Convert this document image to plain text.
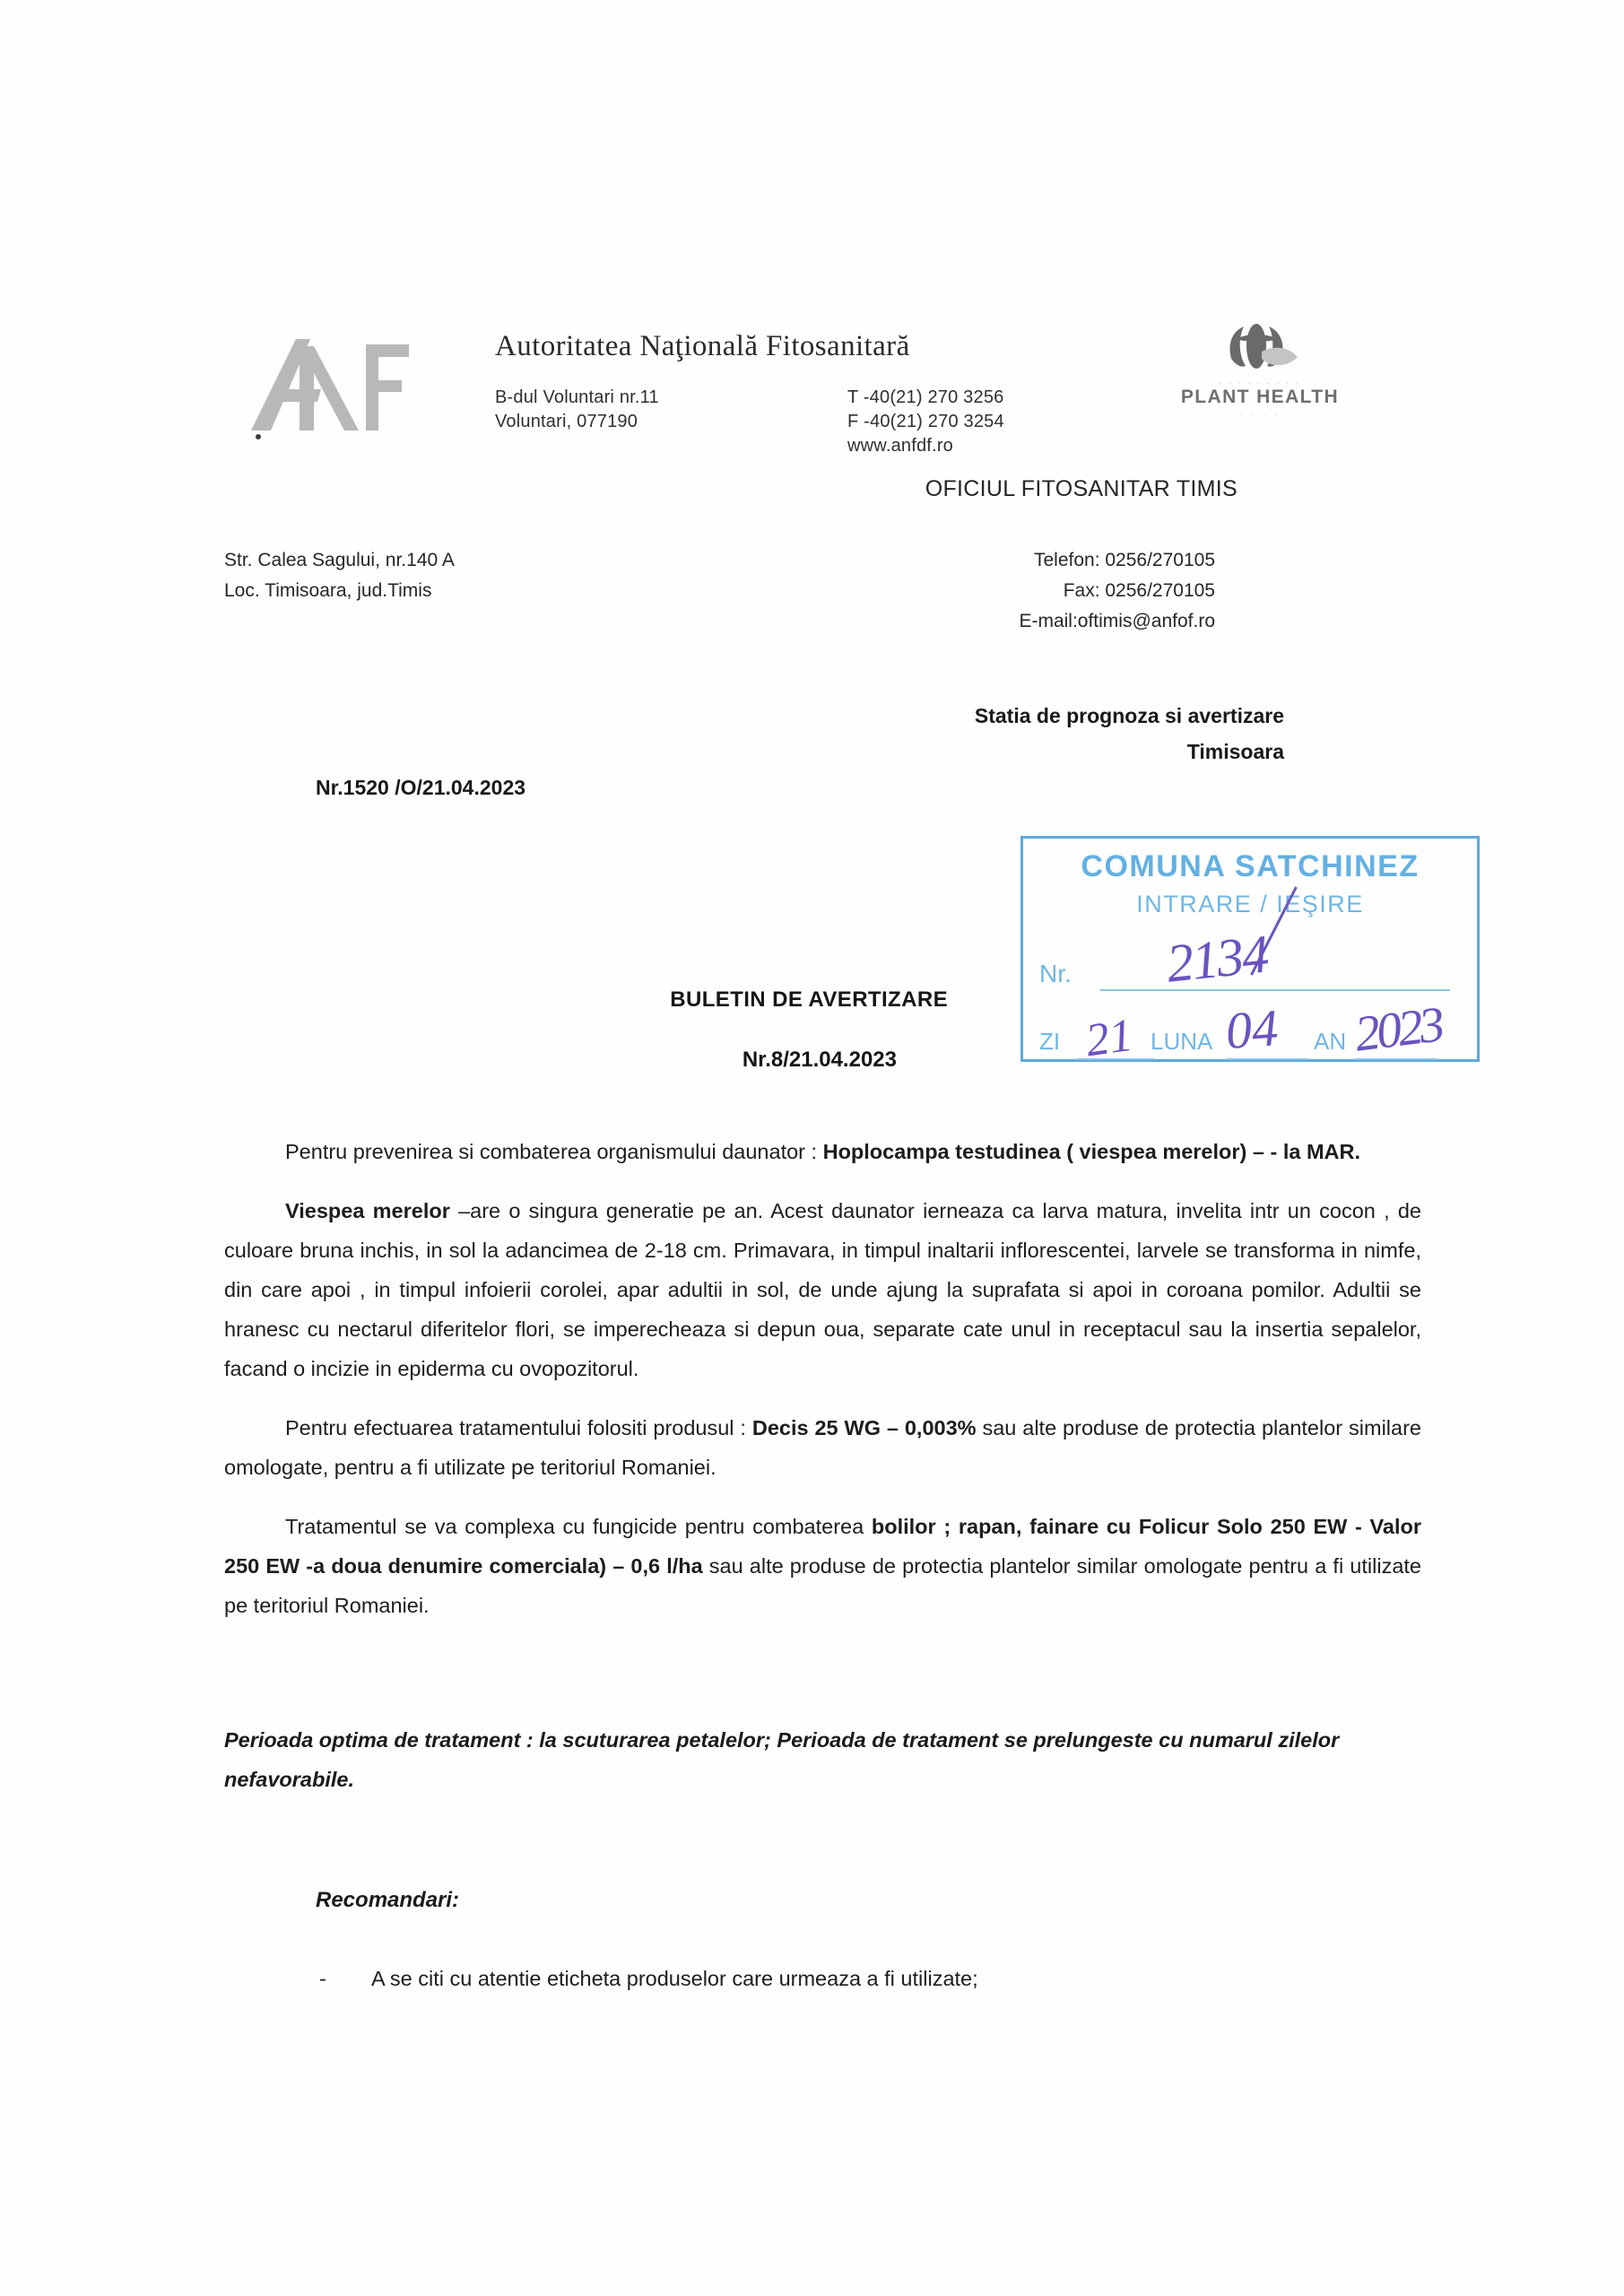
Autoritatea Naţională Fitosanitară
B-dul Voluntari nr.11
Voluntari, 077190
T -40(21) 270 3256
F -40(21) 270 3254
www.anfdf.ro
· · · · · · · · ·
PLANT HEALTH
· · · ·
OFICIUL FITOSANITAR TIMIS
Str. Calea Sagului, nr.140 A
Loc. Timisoara, jud.Timis
Telefon: 0256/270105
Fax: 0256/270105
E-mail:oftimis@anfof.ro
Statia de prognoza si avertizare
Timisoara
Nr.1520 /O/21.04.2023
COMUNA SATCHINEZ
INTRARE / IEŞIRE
Nr. 2134
ZI	LUNA	AN
21 04 2023
BULETIN DE AVERTIZARE
Nr.8/21.04.2023

Pentru prevenirea si combaterea organismului daunator : Hoplocampa testudinea ( viespea merelor) – - la MAR.

Viespea merelor –are o singura generatie pe an. Acest daunator ierneaza ca larva matura, invelita intr un cocon , de culoare bruna inchis, in sol la adancimea de 2-18 cm. Primavara, in timpul inaltarii inflorescentei, larvele se transforma in nimfe, din care apoi , in timpul infoierii corolei, apar adultii in sol, de unde ajung la suprafata si apoi in coroana pomilor. Adultii se hranesc cu nectarul diferitelor flori, se imperecheaza si depun oua, separate cate unul in receptacul sau la insertia sepalelor, facand o incizie in epiderma cu ovopozitorul.

Pentru efectuarea tratamentului folositi produsul : Decis 25 WG – 0,003% sau alte produse de protectia plantelor similare omologate, pentru a fi utilizate pe teritoriul Romaniei.

Tratamentul se va complexa cu fungicide pentru combaterea bolilor ; rapan, fainare cu Folicur Solo 250 EW - Valor 250 EW -a doua denumire comerciala) – 0,6 l/ha sau alte produse de protectia plantelor similar omologate pentru a fi utilizate pe teritoriul Romaniei.

Perioada optima de tratament : la scuturarea petalelor; Perioada de tratament se prelungeste cu numarul zilelor nefavorabile.
Recomandari:
- A se citi cu atentie eticheta produselor care urmeaza a fi utilizate;
